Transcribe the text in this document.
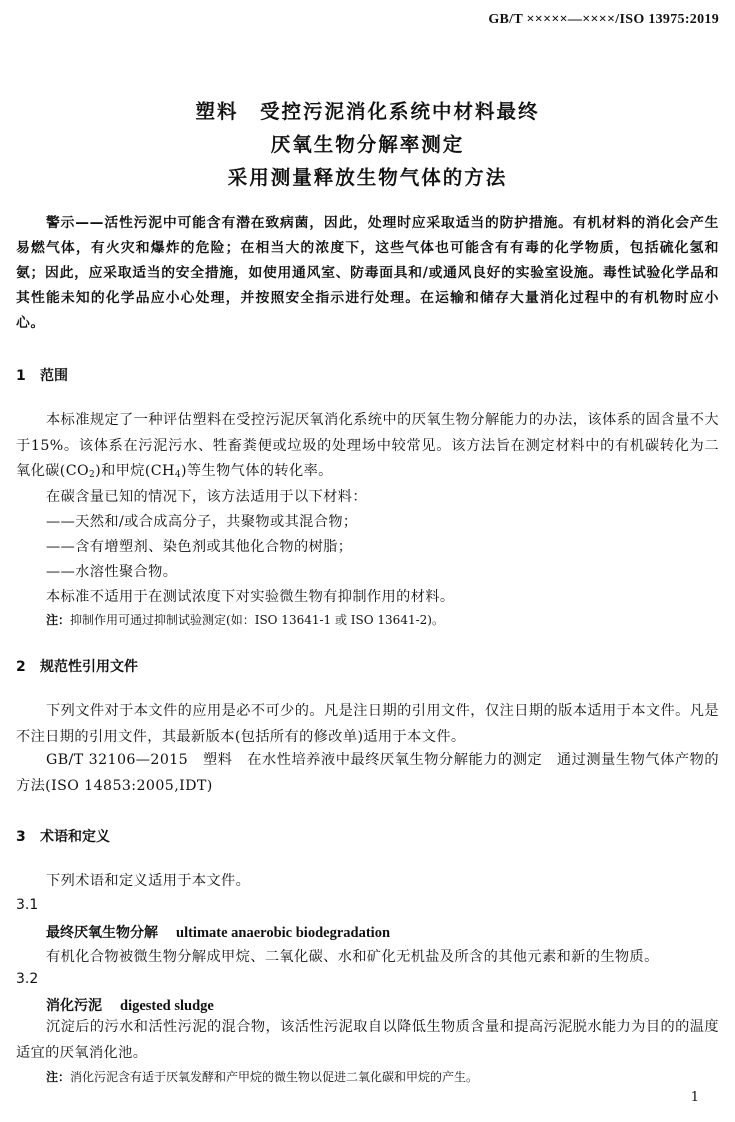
GB/T ×××××—××××/ISO 13975:2019
塑料　受控污泥消化系统中材料最终
厌氧生物分解率测定
采用测量释放生物气体的方法

警示——活性污泥中可能含有潜在致病菌，因此，处理时应采取适当的防护措施。有机材料的消化会产生易燃气体，有火灾和爆炸的危险；在相当大的浓度下，这些气体也可能含有有毒的化学物质，包括硫化氢和氨；因此，应采取适当的安全措施，如使用通风室、防毒面具和/或通风良好的实验室设施。毒性试验化学品和其性能未知的化学品应小心处理，并按照安全指示进行处理。在运输和储存大量消化过程中的有机物时应小心。

1 范围

本标准规定了一种评估塑料在受控污泥厌氧消化系统中的厌氧生物分解能力的办法，该体系的固含量不大于15%。该体系在污泥污水、牲畜粪便或垃圾的处理场中较常见。该方法旨在测定材料中的有机碳转化为二氧化碳$(CO_2)$和甲烷$(CH_4)$等生物气体的转化率。

在碳含量已知的情况下，该方法适用于以下材料：
——天然和/或合成高分子，共聚物或其混合物；
——含有增塑剂、染色剂或其他化合物的树脂；
——水溶性聚合物。
本标准不适用于在测试浓度下对实验微生物有抑制作用的材料。
注：抑制作用可通过抑制试验测定(如：ISO 13641-1 或 ISO 13641-2)。
2 规范性引用文件

下列文件对于本文件的应用是必不可少的。凡是注日期的引用文件，仅注日期的版本适用于本文件。凡是不注日期的引用文件，其最新版本(包括所有的修改单)适用于本文件。

GB/T 32106—2015　塑料　在水性培养液中最终厌氧生物分解能力的测定　通过测量生物气体产物的方法(ISO 14853:2005,IDT)

3 术语和定义
下列术语和定义适用于本文件。
3.1
最终厌氧生物分解 ultimate anaerobic biodegradation
有机化合物被微生物分解成甲烷、二氧化碳、水和矿化无机盐及所含的其他元素和新的生物质。
3.2
消化污泥 digested sludge

沉淀后的污水和活性污泥的混合物，该活性污泥取自以降低生物质含量和提高污泥脱水能力为目的的温度适宜的厌氧消化池。

注：消化污泥含有适于厌氧发酵和产甲烷的微生物以促进二氧化碳和甲烷的产生。
1
